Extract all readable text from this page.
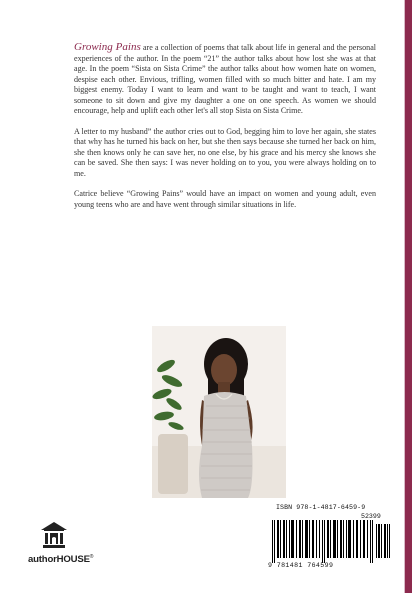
Growing Pains are a collection of poems that talk about life in general and the personal experiences of the author. In the poem “21” the author talks about how lost she was at that age. In the poem “Sista on Sista Crime” the author talks about how women hate on women, despise each other. Envious, trifling, women filled with so much bitter and hate. I am my biggest enemy. Today I want to learn and want to be taught and want to teach, I want someone to sit down and give my daughter a one on one speech. As women we should encourage, help and uplift each other let's all stop Sista on Sista Crime.

A letter to my husband” the author cries out to God, begging him to love her again, she states that why has he turned his back on her, but she then says because she turned her back on him, she then knows only he can save her, no one else, by his grace and his mercy she knows she can be saved. She then says: I was never holding on to you, you were always holding on to me.

Catrice believe “Growing Pains” would have an impact on women and young adult, even young teens who are and have went through similar situations in life.

ISBN 978-1-4817-6459-9
52399
9 781481 764599
authorHOUSE®
